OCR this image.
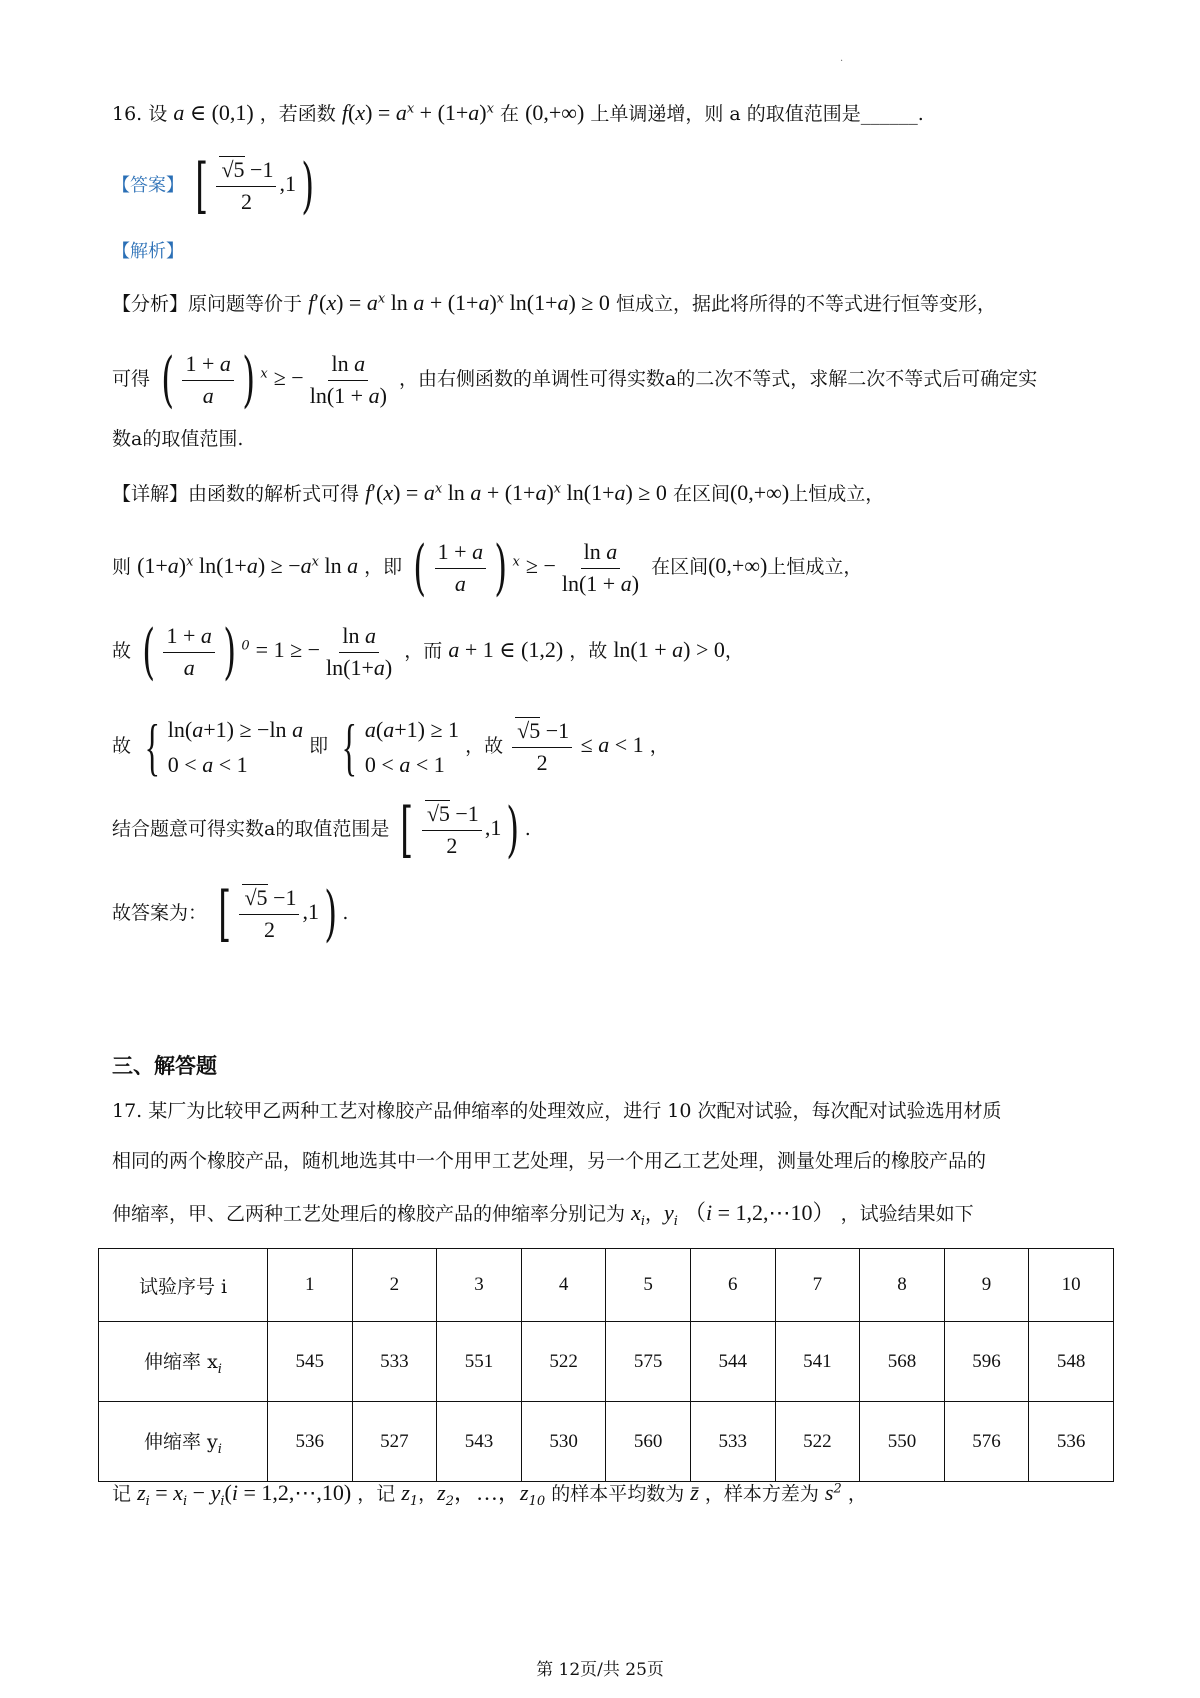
·
16. 设 a ∈ (0,1) ，若函数 $f(x) = a^x + (1+a)^x$ 在 (0,+∞) 上单调递增，则 a 的取值范围是______.
【答案】 [ $\frac{√5 -1}{2} ,1$)
【解析】
【分析】原问题等价于 $f'(x) = a^x$ $\ln a + (1+a)^x$ ln(1+a) ≥ 0 恒成立，据此将所得的不等式进行恒等变形，
可得 ( $\frac{1 + a}{a}$ ) $^x$ ≥ − $\frac{\text{ln a}}{\ln(1 + a)}$ ，由右侧函数的单调性可得实数a的二次不等式，求解二次不等式后可确定实
数a的取值范围.
【详解】由函数的解析式可得 $f'(x) = a^x$ $\ln a + (1+a)^x$ ln(1+a) ≥ 0 在区间(0,+∞)上恒成立，
则 $(1+a)^x$ $\ln(1+a) \ge -a^x$ ln a ，即 ( $\frac{1 + a}{a}$ ) $^x$ ≥ − $\frac{\text{ln a}}{\ln(1 + a)}$ 在区间(0,+∞)上恒成立，
故 ( $\frac{1 + a}{a}$ ) $^0$ = 1 ≥ − $\frac{\text{ln a}}{\ln(1+a)}$ ，而 a + 1 ∈ (1,2) ，故 ln(1 + a) > 0，
故 { ln(a+1) ≥ −ln a
0 < a < 1
即 { a(a+1) ≥ 1
0 < a < 1
，故 $\frac{√5 -1}{2} \le a < 1$ ，
结合题意可得实数a的取值范围是 [ $\frac{√5 -1}{2} ,1$) .
故答案为： [ $\frac{√5 -1}{2} ,1$) .
三、解答题
17. 某厂为比较甲乙两种工艺对橡胶产品伸缩率的处理效应，进行 10 次配对试验，每次配对试验选用材质
相同的两个橡胶产品，随机地选其中一个用甲工艺处理，另一个用乙工艺处理，测量处理后的橡胶产品的
伸缩率，甲、乙两种工艺处理后的橡胶产品的伸缩率分别记为 $x_i$，$y_i$ （i = 1,2,⋯10） ，试验结果如下
试验序号 i	1	2	3	4	5	6	7	8	9	10
伸缩率 $x_i$	545	533	551	522	575	544	541	568	596	548
伸缩率 $y_i$	536	527	543	530	560	533	522	550	576	536
记 $z_i = x_i - y_i(i$ = 1,2,⋯,10) ，记 $z_1$，$z_2$，…，$z_{10}$ 的样本平均数为 z̄ ，样本方差为 $s^2$ ，
第 12页/共 25页
